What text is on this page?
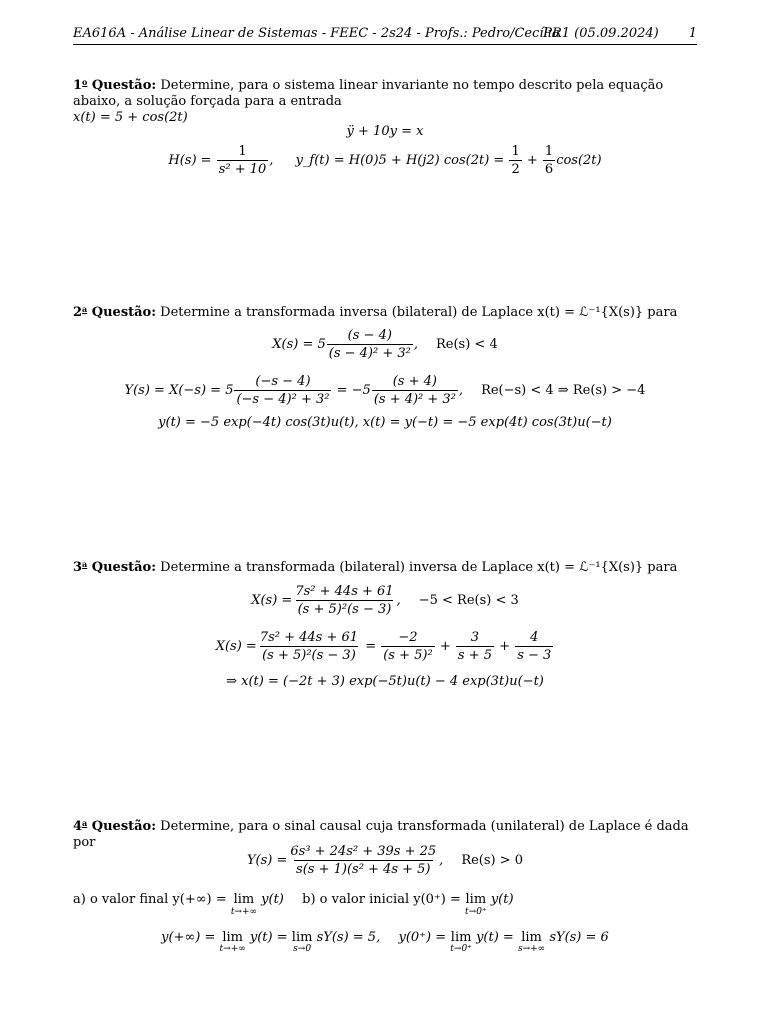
EA616A - Análise Linear de Sistemas - FEEC - 2s24 - Profs.: Pedro/Cecília
PR1 (05.09.2024) 1
1$^o$ Questão: Determine, para o sistema linear invariante no tempo descrito pela equação abaixo, a solução forçada para a entrada
x(t) = 5 + cos(2t)
ÿ + 10y = x
$H(s) = \frac{1}{\text{s² + 10}}$ , y_f(t) = H(0)5 + H(j2) $\cos(2t) = \frac{1}{2} + \frac{1}{6} \cos(2t)$
2$^a$ Questão: Determine a transformada inversa (bilateral) de Laplace x(t) = ℒ⁻¹{X(s)} para
$X(s) = 5 \frac{(s - 4)}{\text{(s − 4)² + 3²}}$ , Re(s) < 4
$Y(s) = X(-s) = 5 \frac{(-s - 4)}{\text{(−s − 4)² + 3²}} = -5 \frac{(s + 4)}{\text{(s + 4)² + 3²}}$ , Re(−s) < 4 ⇒ Re(s) > −4
y(t) = −5 exp(−4t) cos(3t)u(t), x(t) = y(−t) = −5 exp(4t) cos(3t)u(−t)
3$^a$ Questão: Determine a transformada (bilateral) inversa de Laplace x(t) = ℒ⁻¹{X(s)} para
$X(s) = \frac{\text{7s² + 44s + 61}}{\text{(s + 5)²(s − 3)}}$ , −5 < Re(s) < 3
$X(s) = \frac{\text{7s² + 44s + 61}}{\text{(s + 5)²(s − 3)}} = \frac{-2}{\text{(s + 5)²}} + \frac{3}{s + 5} + \frac{4}{s - 3}$
⇒ x(t) = (−2t + 3) exp(−5t)u(t) − 4 exp(3t)u(−t)
4$^a$ Questão: Determine, para o sinal causal cuja transformada (unilateral) de Laplace é dada por
$Y(s) = \frac{\text{6s³ + 24s² + 39s + 25}}{\text{s(s + 1)(s² + 4s + 5)}}$ , Re(s) > 0
a) o valor final y(+∞) = lim
t→+∞
y(t) b) o valor inicial y(0⁺) = lim
t→0⁺
y(t)
y(+∞) = lim
t→+∞
y(t) = lim
s→0
sY(s) = 5, y(0⁺) = lim
t→0⁺
y(t) = lim
s→+∞
sY(s) = 6
